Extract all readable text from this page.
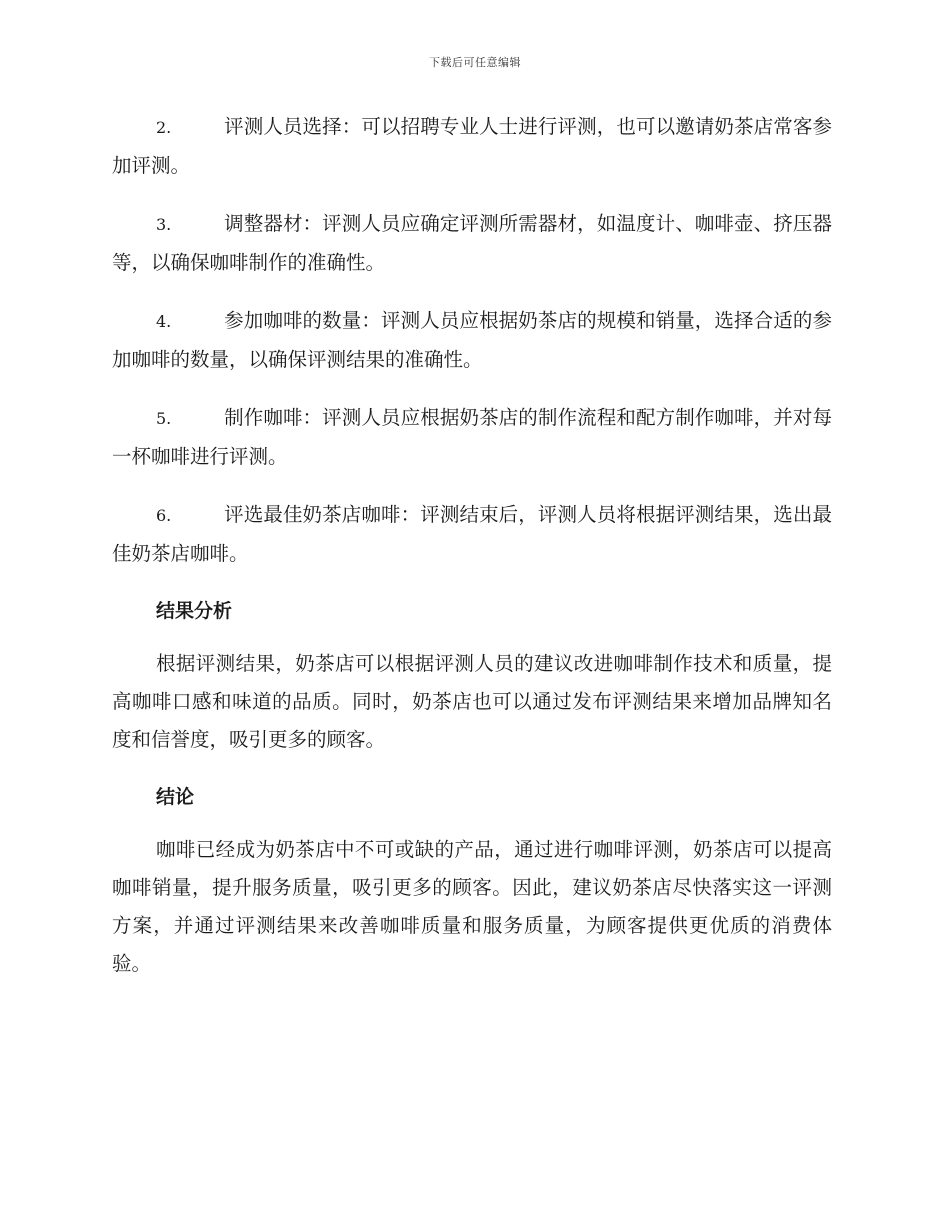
下载后可任意编辑

2.	评测人员选择：可以招聘专业人士进行评测，也可以邀请奶茶店常客参加评测。

3.	调整器材：评测人员应确定评测所需器材，如温度计、咖啡壶、挤压器等，以确保咖啡制作的准确性。

4.	参加咖啡的数量：评测人员应根据奶茶店的规模和销量，选择合适的参加咖啡的数量，以确保评测结果的准确性。

5.	制作咖啡：评测人员应根据奶茶店的制作流程和配方制作咖啡，并对每一杯咖啡进行评测。

6.	评选最佳奶茶店咖啡：评测结束后，评测人员将根据评测结果，选出最佳奶茶店咖啡。

结果分析

根据评测结果，奶茶店可以根据评测人员的建议改进咖啡制作技术和质量，提高咖啡口感和味道的品质。同时，奶茶店也可以通过发布评测结果来增加品牌知名度和信誉度，吸引更多的顾客。

结论

咖啡已经成为奶茶店中不可或缺的产品，通过进行咖啡评测，奶茶店可以提高咖啡销量，提升服务质量，吸引更多的顾客。因此，建议奶茶店尽快落实这一评测方案，并通过评测结果来改善咖啡质量和服务质量，为顾客提供更优质的消费体验。
